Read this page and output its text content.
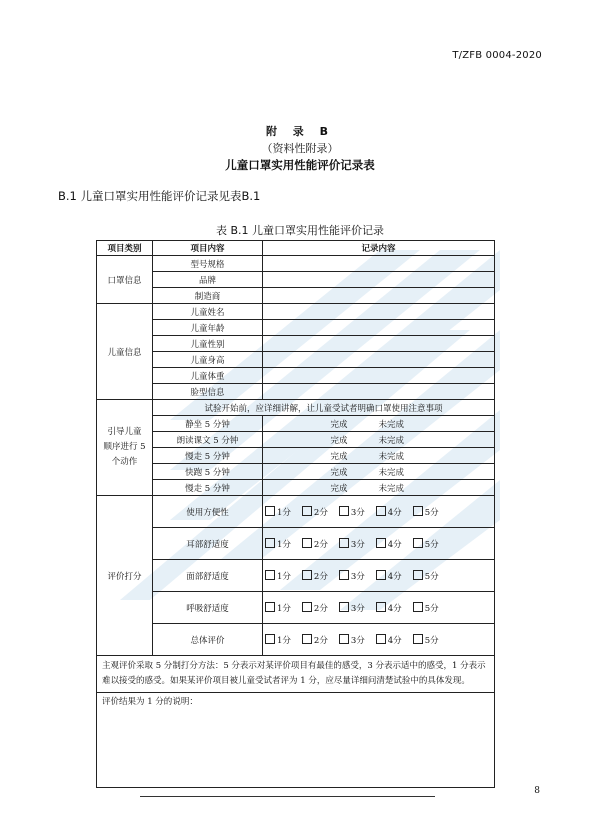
T/ZFB 0004-2020
附 录 B
（资料性附录）
儿童口罩实用性能评价记录表
B.1 儿童口罩实用性能评价记录见表B.1
表 B.1 儿童口罩实用性能评价记录
项目类别	项目内容	记录内容
口罩信息	型号规格	
	品牌	
	制造商	
儿童信息	儿童姓名	
	儿童年龄	
	儿童性别	
	儿童身高	
	儿童体重	
	脸型信息	

引导儿童
顺序进行 5
个动作	试验开始前，应详细讲解，让儿童受试者明确口罩使用注意事项	
	静坐 5 分钟	完成 未完成
	朗读课文 5 分钟	完成 未完成
	慢走 5 分钟	完成 未完成
	快跑 5 分钟	完成 未完成
	慢走 5 分钟	完成 未完成
评价打分	使用方便性	1分 2分 3分 4分 5分
	耳部舒适度	1分 2分 3分 4分 5分
	面部舒适度	1分 2分 3分 4分 5分
	呼吸舒适度	1分 2分 3分 4分 5分
	总体评价	1分 2分 3分 4分 5分
主观评价采取 5 分制打分方法：5 分表示对某评价项目有最佳的感受，3 分表示适中的感受，1 分表示难以接受的感受。如果某评价项目被儿童受试者评为 1 分，应尽量详细问清楚试验中的具体发现。		
评价结果为 1 分的说明：		
8
